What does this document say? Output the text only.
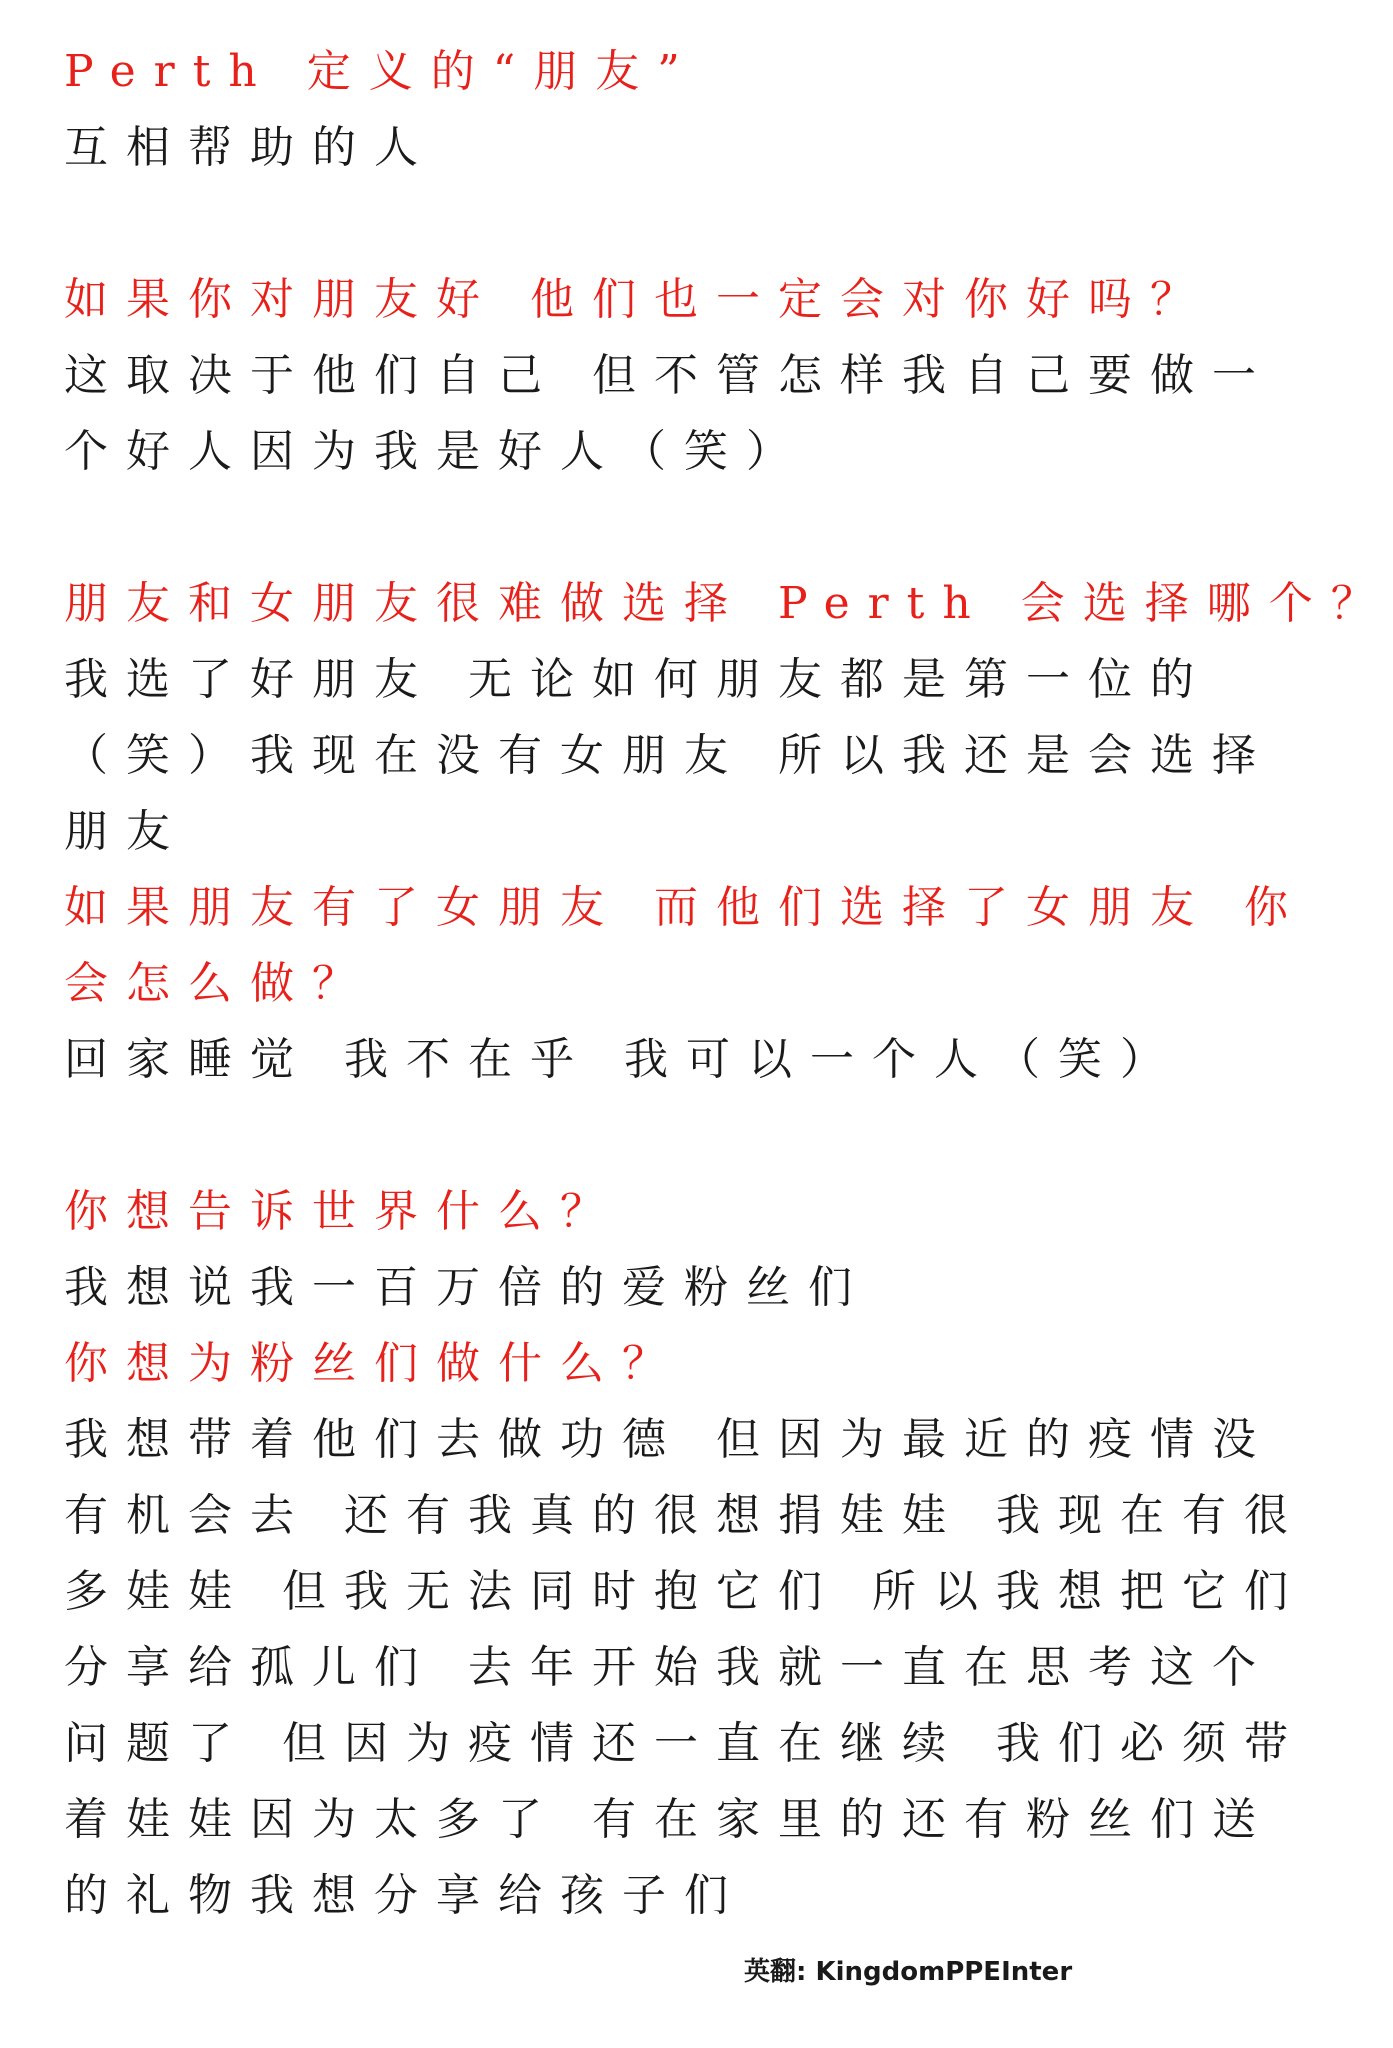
Perth 定义的“朋友”
互相帮助的人
如果你对朋友好 他们也一定会对你好吗？
这取决于他们自己 但不管怎样我自己要做一
个好人因为我是好人（笑）
朋友和女朋友很难做选择 Perth 会选择哪个？
我选了好朋友 无论如何朋友都是第一位的
（笑）我现在没有女朋友 所以我还是会选择
朋友
如果朋友有了女朋友 而他们选择了女朋友 你
会怎么做？
回家睡觉 我不在乎 我可以一个人（笑）
你想告诉世界什么？
我想说我一百万倍的爱粉丝们
你想为粉丝们做什么？
我想带着他们去做功德 但因为最近的疫情没
有机会去 还有我真的很想捐娃娃 我现在有很
多娃娃 但我无法同时抱它们 所以我想把它们
分享给孤儿们 去年开始我就一直在思考这个
问题了 但因为疫情还一直在继续 我们必须带
着娃娃因为太多了 有在家里的还有粉丝们送
的礼物我想分享给孩子们
英翻: KingdomPPEInter
